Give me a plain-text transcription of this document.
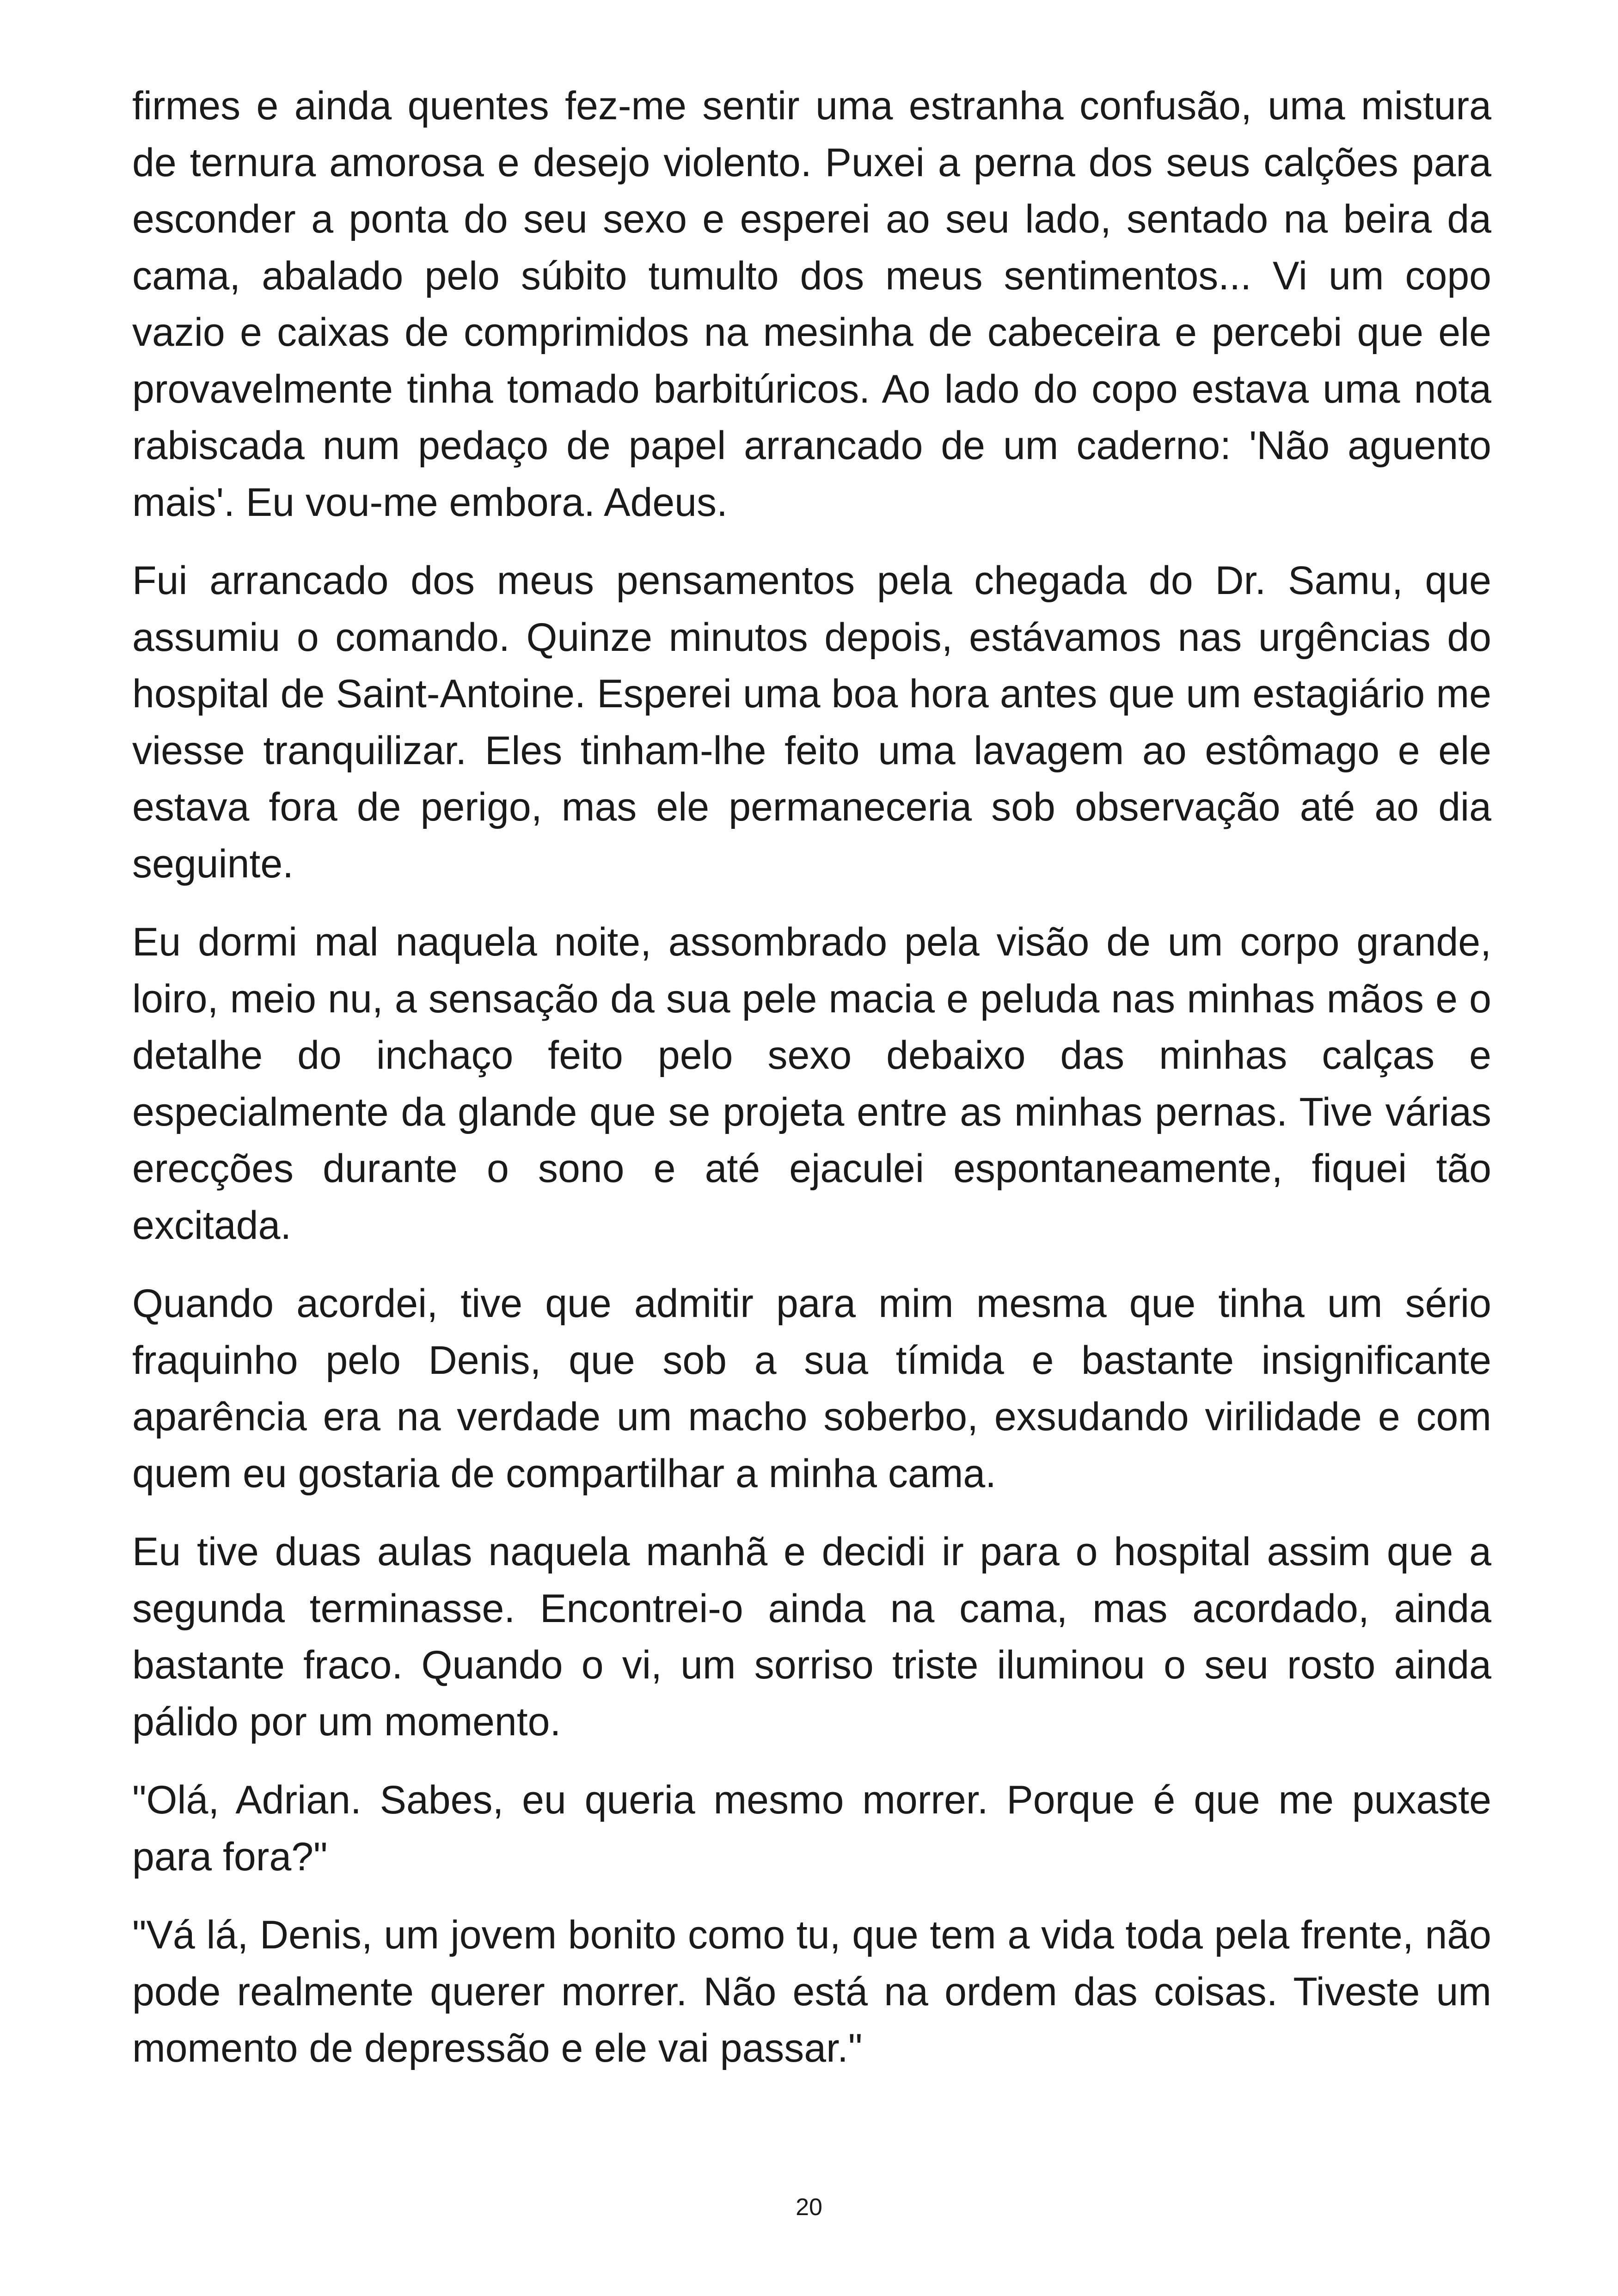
firmes e ainda quentes fez-me sentir uma estranha confusão, uma mistura de ternura amorosa e desejo violento. Puxei a perna dos seus calções para esconder a ponta do seu sexo e esperei ao seu lado, sentado na beira da cama, abalado pelo súbito tumulto dos meus sentimentos... Vi um copo vazio e caixas de comprimidos na mesinha de cabeceira e percebi que ele provavelmente tinha tomado barbitúricos. Ao lado do copo estava uma nota rabiscada num pedaço de papel arrancado de um caderno: 'Não aguento mais'. Eu vou-me embora. Adeus.

Fui arrancado dos meus pensamentos pela chegada do Dr. Samu, que assumiu o comando. Quinze minutos depois, estávamos nas urgências do hospital de Saint-Antoine. Esperei uma boa hora antes que um estagiário me viesse tranquilizar. Eles tinham-lhe feito uma lavagem ao estômago e ele estava fora de perigo, mas ele permaneceria sob observação até ao dia seguinte.

Eu dormi mal naquela noite, assombrado pela visão de um corpo grande, loiro, meio nu, a sensação da sua pele macia e peluda nas minhas mãos e o detalhe do inchaço feito pelo sexo debaixo das minhas calças e especialmente da glande que se projeta entre as minhas pernas. Tive várias erecções durante o sono e até ejaculei espontaneamente, fiquei tão excitada.

Quando acordei, tive que admitir para mim mesma que tinha um sério fraquinho pelo Denis, que sob a sua tímida e bastante insignificante aparência era na verdade um macho soberbo, exsudando virilidade e com quem eu gostaria de compartilhar a minha cama.

Eu tive duas aulas naquela manhã e decidi ir para o hospital assim que a segunda terminasse. Encontrei-o ainda na cama, mas acordado, ainda bastante fraco. Quando o vi, um sorriso triste iluminou o seu rosto ainda pálido por um momento.

"Olá, Adrian. Sabes, eu queria mesmo morrer. Porque é que me puxaste para fora?"

"Vá lá, Denis, um jovem bonito como tu, que tem a vida toda pela frente, não pode realmente querer morrer. Não está na ordem das coisas. Tiveste um momento de depressão e ele vai passar."

20
